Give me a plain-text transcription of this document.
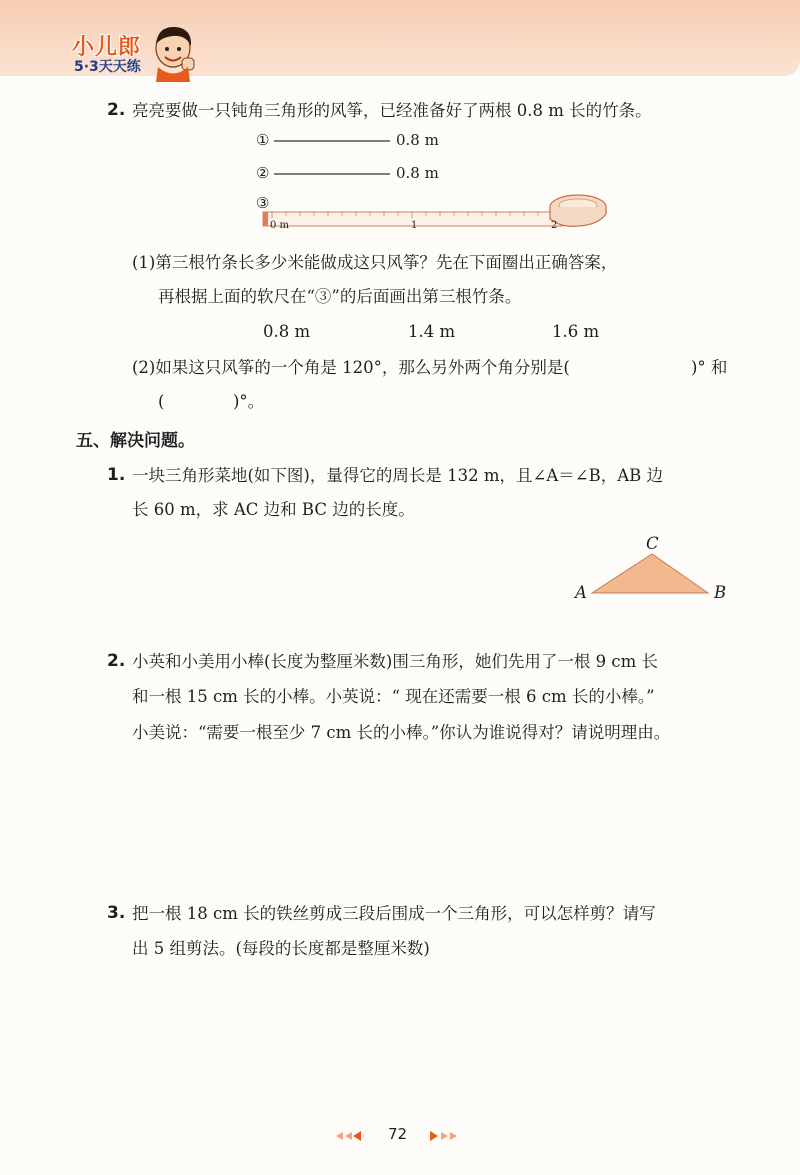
小儿郎
5·3天天练
2. 亮亮要做一只钝角三角形的风筝，已经准备好了两根 0.8 m 长的竹条。
①	0.8 m
②	0.8 m
③
0 m	1	2
(1)第三根竹条长多少米能做成这只风筝？先在下面圈出正确答案，
再根据上面的软尺在“③”的后面画出第三根竹条。
0.8 m	1.4 m	1.6 m
(2)如果这只风筝的一个角是 120°，那么另外两个角分别是(	)° 和
(	)°。
五、解决问题。
1. 一块三角形菜地(如下图)，量得它的周长是 132 m，且∠A＝∠B，AB 边
长 60 m，求 AC 边和 BC 边的长度。
C
A	B
2. 小英和小美用小棒(长度为整厘米数)围三角形，她们先用了一根 9 cm 长
和一根 15 cm 长的小棒。小英说：“ 现在还需要一根 6 cm 长的小棒。”
小美说：“需要一根至少 7 cm 长的小棒。”你认为谁说得对？请说明理由。
3. 把一根 18 cm 长的铁丝剪成三段后围成一个三角形，可以怎样剪？请写
出 5 组剪法。(每段的长度都是整厘米数)
72
